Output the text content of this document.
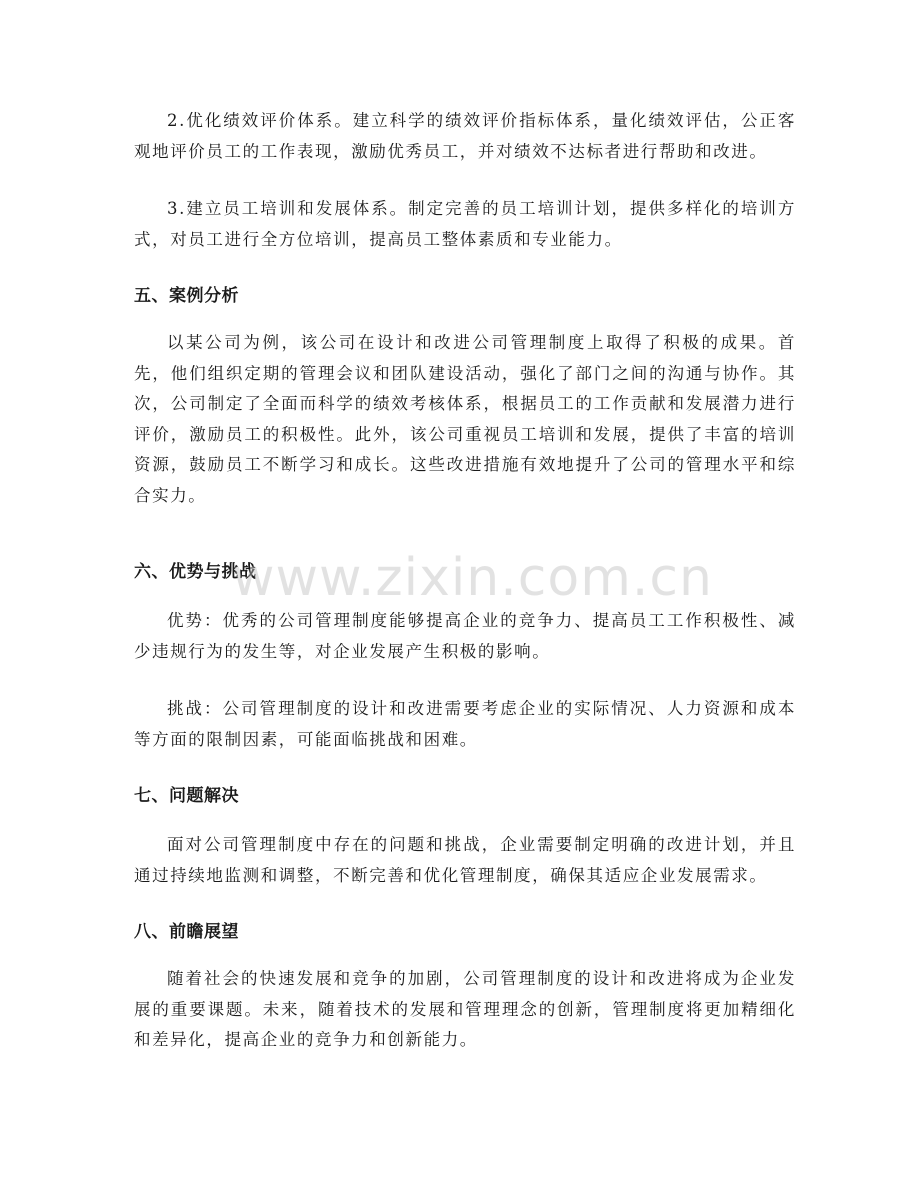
2.优化绩效评价体系。建立科学的绩效评价指标体系，量化绩效评估，公正客观地评价员工的工作表现，激励优秀员工，并对绩效不达标者进行帮助和改进。

3.建立员工培训和发展体系。制定完善的员工培训计划，提供多样化的培训方式，对员工进行全方位培训，提高员工整体素质和专业能力。

五、案例分析

以某公司为例，该公司在设计和改进公司管理制度上取得了积极的成果。首先，他们组织定期的管理会议和团队建设活动，强化了部门之间的沟通与协作。其次，公司制定了全面而科学的绩效考核体系，根据员工的工作贡献和发展潜力进行评价，激励员工的积极性。此外，该公司重视员工培训和发展，提供了丰富的培训资源，鼓励员工不断学习和成长。这些改进措施有效地提升了公司的管理水平和综合实力。

六、优势与挑战

优势：优秀的公司管理制度能够提高企业的竞争力、提高员工工作积极性、减少违规行为的发生等，对企业发展产生积极的影响。

挑战：公司管理制度的设计和改进需要考虑企业的实际情况、人力资源和成本等方面的限制因素，可能面临挑战和困难。

七、问题解决

面对公司管理制度中存在的问题和挑战，企业需要制定明确的改进计划，并且通过持续地监测和调整，不断完善和优化管理制度，确保其适应企业发展需求。

八、前瞻展望

随着社会的快速发展和竞争的加剧，公司管理制度的设计和改进将成为企业发展的重要课题。未来，随着技术的发展和管理理念的创新，管理制度将更加精细化和差异化，提高企业的竞争力和创新能力。

www.zixin.com.cn
